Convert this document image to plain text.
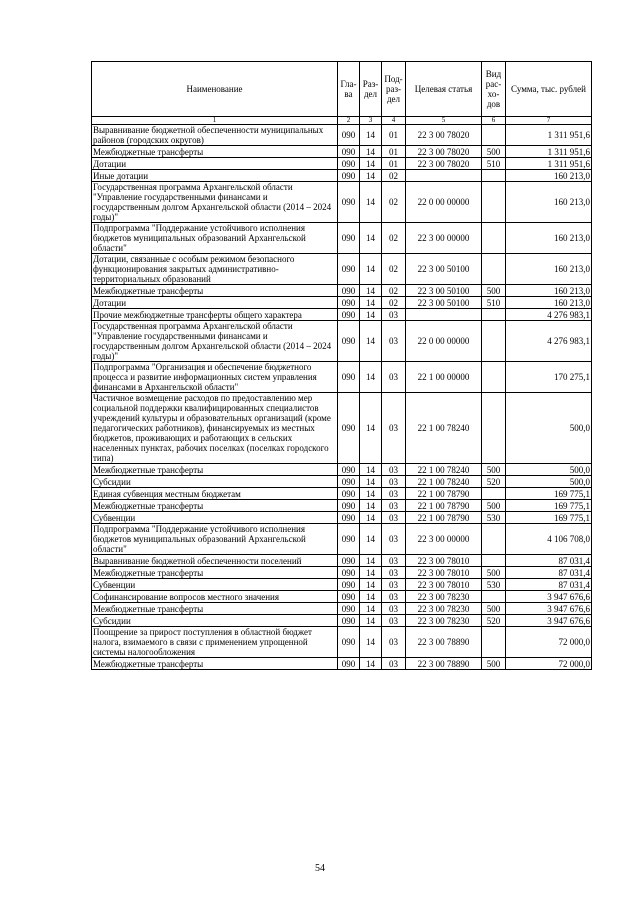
Наименование	Гла-ва	Раз-дел	Под-раз-дел	Целевая статья	Вид рас-хо-дов	Сумма, тыс. рублей
1	2	3	4	5	6	7
Выравнивание бюджетной обеспеченности муниципальных районов (городских округов)	090	14	01	22 3 00 78020		1 311 951,6
Межбюджетные трансферты	090	14	01	22 3 00 78020	500	1 311 951,6
Дотации	090	14	01	22 3 00 78020	510	1 311 951,6
Иные дотации	090	14	02			160 213,0
Государственная программа Архангельской области "Управление государственными финансами и государственным долгом Архангельской области (2014 – 2024 годы)"	090	14	02	22 0 00 00000		160 213,0
Подпрограмма "Поддержание устойчивого исполнения бюджетов муниципальных образований Архангельской области"	090	14	02	22 3 00 00000		160 213,0
Дотации, связанные с особым режимом безопасного функционирования закрытых административно-территориальных образований	090	14	02	22 3 00 50100		160 213,0
Межбюджетные трансферты	090	14	02	22 3 00 50100	500	160 213,0
Дотации	090	14	02	22 3 00 50100	510	160 213,0
Прочие межбюджетные трансферты общего характера	090	14	03			4 276 983,1
Государственная программа Архангельской области "Управление государственными финансами и государственным долгом Архангельской области (2014 – 2024 годы)"	090	14	03	22 0 00 00000		4 276 983,1
Подпрограмма "Организация и обеспечение бюджетного процесса и развитие информационных систем управления финансами в Архангельской области"	090	14	03	22 1 00 00000		170 275,1
Частичное возмещение расходов по предоставлению мер социальной поддержки квалифицированных специалистов учреждений культуры и образовательных организаций (кроме педагогических работников), финансируемых из местных бюджетов, проживающих и работающих в сельских населенных пунктах, рабочих поселках (поселках городского типа)	090	14	03	22 1 00 78240		500,0
Межбюджетные трансферты	090	14	03	22 1 00 78240	500	500,0
Субсидии	090	14	03	22 1 00 78240	520	500,0
Единая субвенция местным бюджетам	090	14	03	22 1 00 78790		169 775,1
Межбюджетные трансферты	090	14	03	22 1 00 78790	500	169 775,1
Субвенции	090	14	03	22 1 00 78790	530	169 775,1
Подпрограмма "Поддержание устойчивого исполнения бюджетов муниципальных образований Архангельской области"	090	14	03	22 3 00 00000		4 106 708,0
Выравнивание бюджетной обеспеченности поселений	090	14	03	22 3 00 78010		87 031,4
Межбюджетные трансферты	090	14	03	22 3 00 78010	500	87 031,4
Субвенции	090	14	03	22 3 00 78010	530	87 031,4
Софинансирование вопросов местного значения	090	14	03	22 3 00 78230		3 947 676,6
Межбюджетные трансферты	090	14	03	22 3 00 78230	500	3 947 676,6
Субсидии	090	14	03	22 3 00 78230	520	3 947 676,6
Поощрение за прирост поступления в областной бюджет налога, взимаемого в связи с применением упрощенной системы налогообложения	090	14	03	22 3 00 78890		72 000,0
Межбюджетные трансферты	090	14	03	22 3 00 78890	500	72 000,0
54
